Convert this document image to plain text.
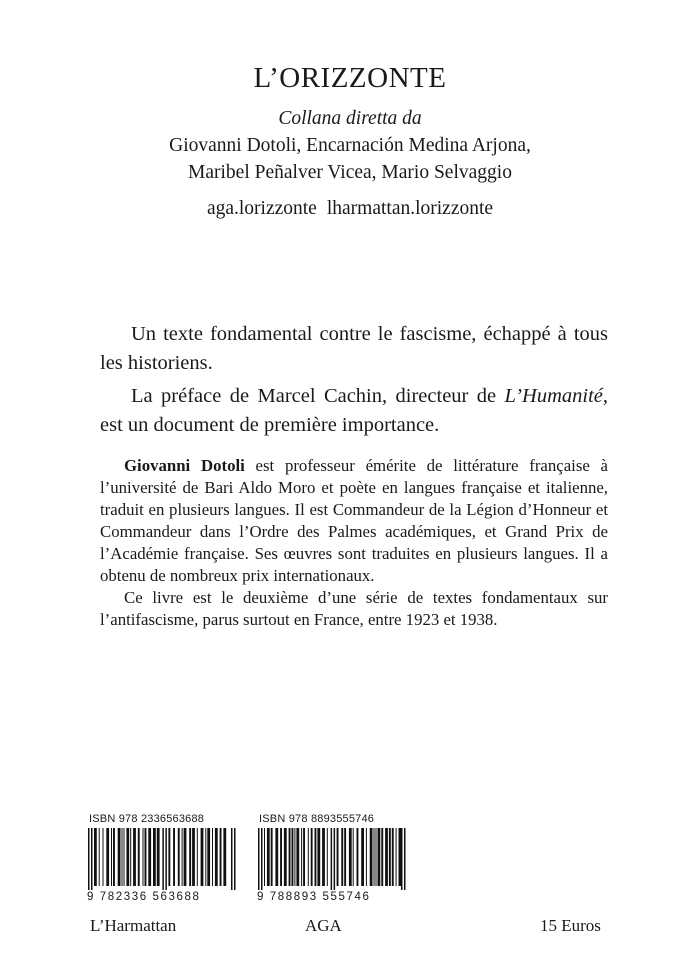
L’ORIZZONTE
Collana diretta da
Giovanni Dotoli, Encarnación Medina Arjona,
Maribel Peñalver Vicea, Mario Selvaggio
aga.lorizzonte lharmattan.lorizzonte

Un texte fondamental contre le fascisme, échappé à tous les historiens.

La préface de Marcel Cachin, directeur de L’Humanité, est un document de première importance.

Giovanni Dotoli est professeur émérite de littérature française à l’université de Bari Aldo Moro et poète en langues française et italienne, traduit en plusieurs langues. Il est Commandeur de la Légion d’Honneur et Commandeur dans l’Ordre des Palmes académiques, et Grand Prix de l’Académie française. Ses œuvres sont traduites en plusieurs langues. Il a obtenu de nombreux prix internationaux.

Ce livre est le deuxième d’une série de textes fondamentaux sur l’antifascisme, parus surtout en France, entre 1923 et 1938.

ISBN 978 2336563688
9 782336 563688
L’Harmattan
ISBN 978 8893555746
9 788893 555746
AGA	15 Euros
